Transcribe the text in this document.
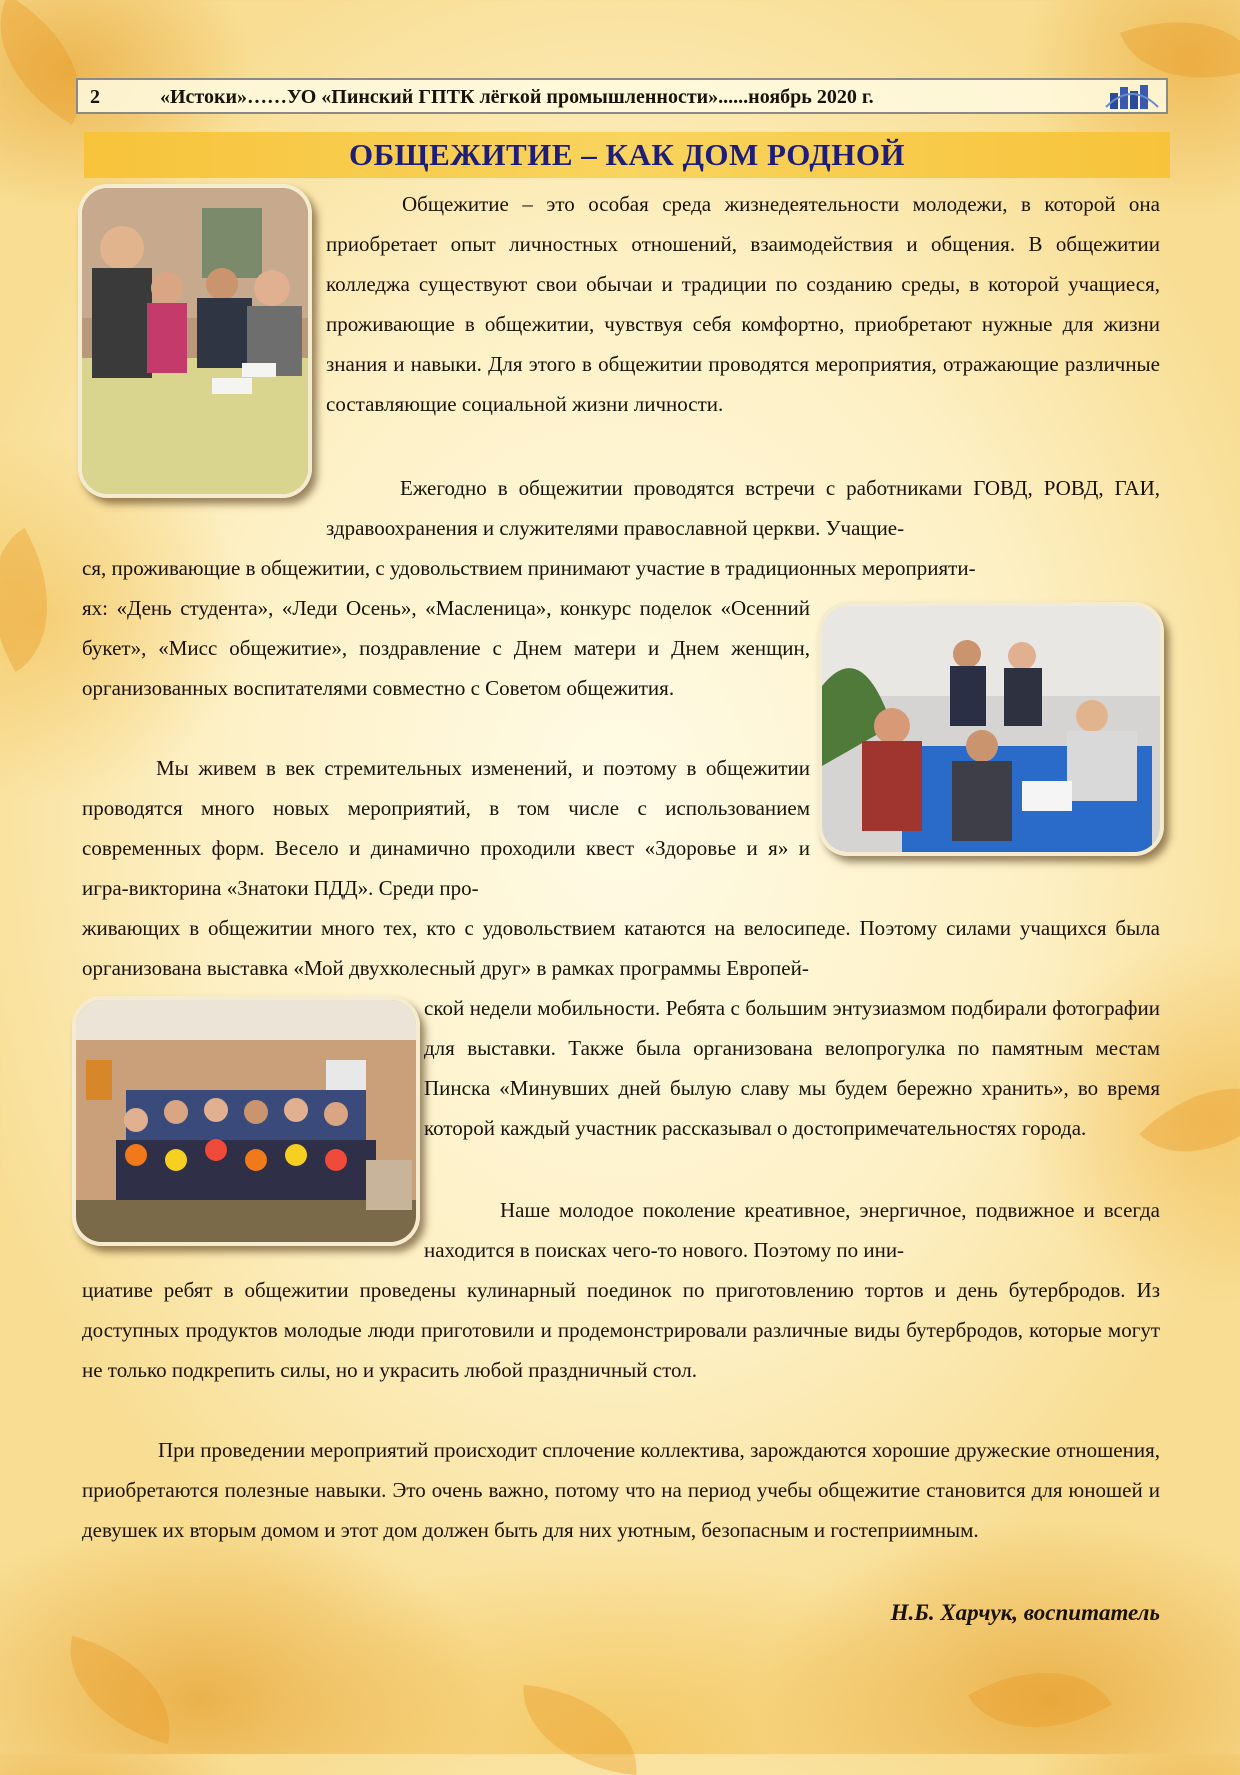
2	«Истоки»……УО «Пинский ГПТК лёгкой промышленности»......ноябрь 2020 г.
ОБЩЕЖИТИЕ – КАК ДОМ РОДНОЙ

Общежитие – это особая среда жизнедеятельности молодежи, в которой она приобретает опыт личностных отношений, взаимодействия и общения. В общежитии колледжа существуют свои обычаи и традиции по созданию среды, в которой учащиеся, проживающие в общежитии, чувствуя себя комфортно, приобретают нужные для жизни знания и навыки. Для этого в общежитии проводятся мероприятия, отражающие различные составляющие социальной жизни личности.

Ежегодно в общежитии проводятся встречи с работниками ГОВД, РОВД, ГАИ, здравоохранения и служителями православной церкви. Учащие-

ся, проживающие в общежитии, с удовольствием принимают участие в традиционных мероприяти-

ях: «День студента», «Леди Осень», «Масленица», конкурс поделок «Осенний букет», «Мисс общежитие», поздравление с Днем матери и Днем женщин, организованных воспитателями совместно с Советом общежития.

Мы живем в век стремительных изменений, и поэтому в общежитии проводятся много новых мероприятий, в том числе с использованием современных форм. Весело и динамично проходили квест «Здоровье и я» и игра-викторина «Знатоки ПДД». Среди про-

живающих в общежитии много тех, кто с удовольствием катаются на велосипеде. Поэтому силами учащихся была организована выставка «Мой двухколесный друг» в рамках программы Европей-

ской недели мобильности. Ребята с большим энтузиазмом подбирали фотографии для выставки. Также была организована велопрогулка по памятным местам Пинска «Минувших дней былую славу мы будем бережно хранить», во время которой каждый участник рассказывал о достопримечательностях города.

Наше молодое поколение креативное, энергичное, подвижное и всегда находится в поисках чего-то нового. Поэтому по ини-

циативе ребят в общежитии проведены кулинарный поединок по приготовлению тортов и день бутербродов. Из доступных продуктов молодые люди приготовили и продемонстрировали различные виды бутербродов, которые могут не только подкрепить силы, но и украсить любой праздничный стол.

При проведении мероприятий происходит сплочение коллектива, зарождаются хорошие дружеские отношения, приобретаются полезные навыки. Это очень важно, потому что на период учебы общежитие становится для юношей и девушек их вторым домом и этот дом должен быть для них уютным, безопасным и гостеприимным.

Н.Б. Харчук, воспитатель
